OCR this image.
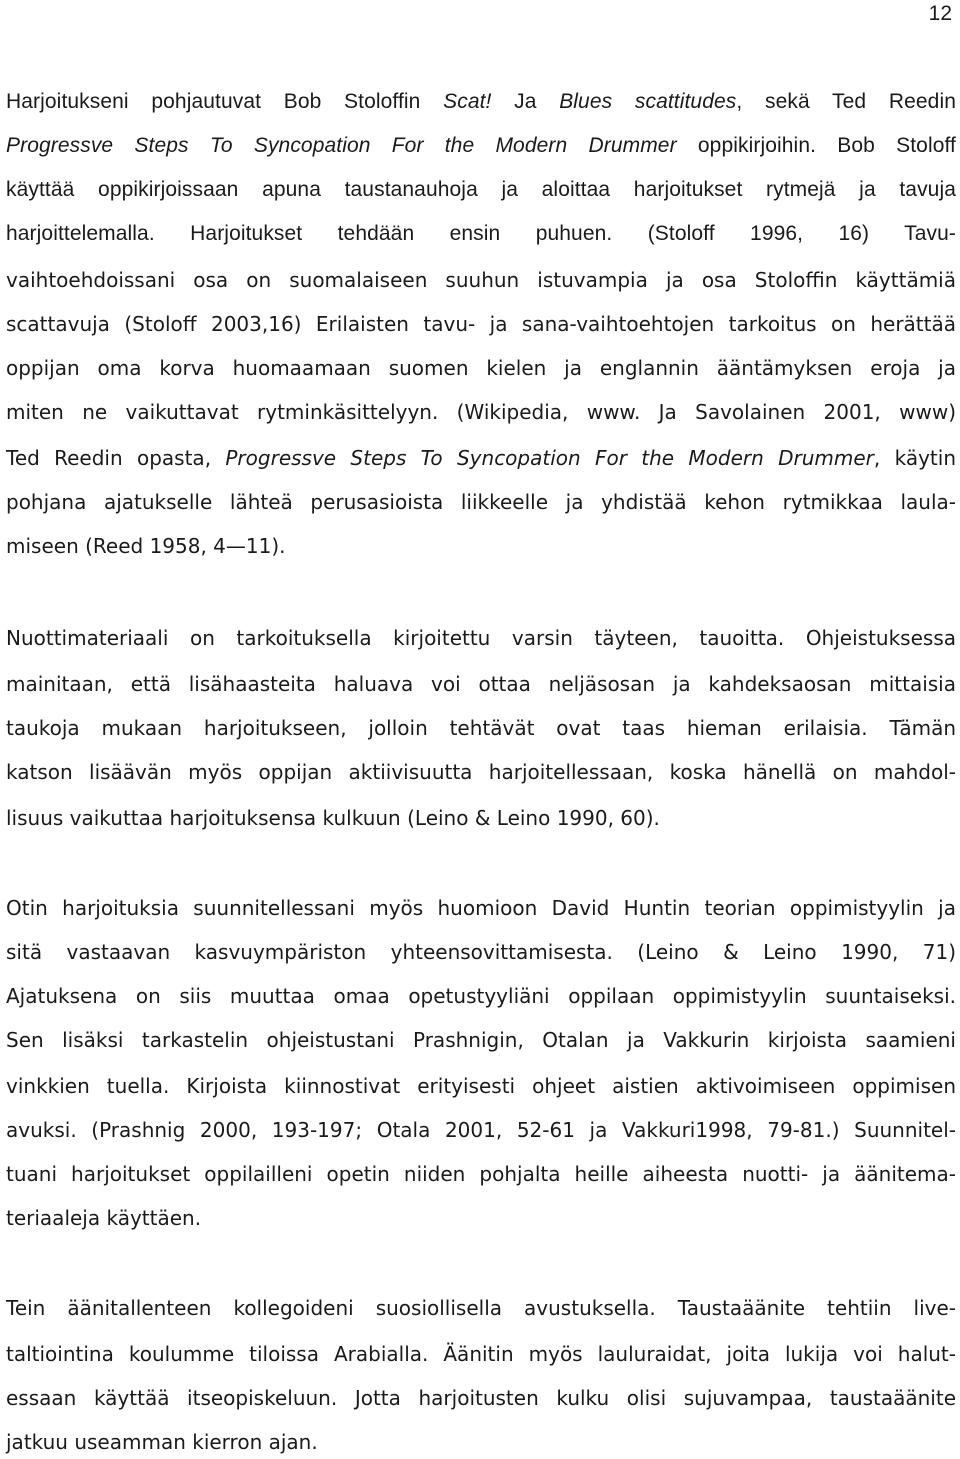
12
Harjoitukseni pohjautuvat Bob Stoloffin Scat! Ja Blues scattitudes, sekä Ted Reedin
Progressve Steps To Syncopation For the Modern Drummer oppikirjoihin. Bob Stoloff
käyttää oppikirjoissaan apuna taustanauhoja ja aloittaa harjoitukset rytmejä ja tavuja
harjoittelemalla. Harjoitukset tehdään ensin puhuen. (Stoloff 1996, 16) Tavu-
vaihtoehdoissani osa on suomalaiseen suuhun istuvampia ja osa Stoloffin käyttämiä
scattavuja (Stoloff 2003,16) Erilaisten tavu- ja sana-vaihtoehtojen tarkoitus on herättää
oppijan oma korva huomaamaan suomen kielen ja englannin ääntämyksen eroja ja
miten ne vaikuttavat rytminkäsittelyyn. (Wikipedia, www. Ja Savolainen 2001, www)
Ted Reedin opasta, Progressve Steps To Syncopation For the Modern Drummer, käytin
pohjana ajatukselle lähteä perusasioista liikkeelle ja yhdistää kehon rytmikkaa laula-
miseen (Reed 1958, 4—11).
Nuottimateriaali on tarkoituksella kirjoitettu varsin täyteen, tauoitta. Ohjeistuksessa
mainitaan, että lisähaasteita haluava voi ottaa neljäsosan ja kahdeksaosan mittaisia
taukoja mukaan harjoitukseen, jolloin tehtävät ovat taas hieman erilaisia. Tämän
katson lisäävän myös oppijan aktiivisuutta harjoitellessaan, koska hänellä on mahdol-
lisuus vaikuttaa harjoituksensa kulkuun (Leino & Leino 1990, 60).
Otin harjoituksia suunnitellessani myös huomioon David Huntin teorian oppimistyylin ja
sitä vastaavan kasvuympäriston yhteensovittamisesta. (Leino & Leino 1990, 71)
Ajatuksena on siis muuttaa omaa opetustyyliäni oppilaan oppimistyylin suuntaiseksi.
Sen lisäksi tarkastelin ohjeistustani Prashnigin, Otalan ja Vakkurin kirjoista saamieni
vinkkien tuella. Kirjoista kiinnostivat erityisesti ohjeet aistien aktivoimiseen oppimisen
avuksi. (Prashnig 2000, 193-197; Otala 2001, 52-61 ja Vakkuri1998, 79-81.) Suunnitel-
tuani harjoitukset oppilailleni opetin niiden pohjalta heille aiheesta nuotti- ja äänitema-
teriaaleja käyttäen.
Tein äänitallenteen kollegoideni suosiollisella avustuksella. Taustaäänite tehtiin live-
taltiointina koulumme tiloissa Arabialla. Äänitin myös lauluraidat, joita lukija voi halut-
essaan käyttää itseopiskeluun. Jotta harjoitusten kulku olisi sujuvampaa, taustaäänite
jatkuu useamman kierron ajan.
